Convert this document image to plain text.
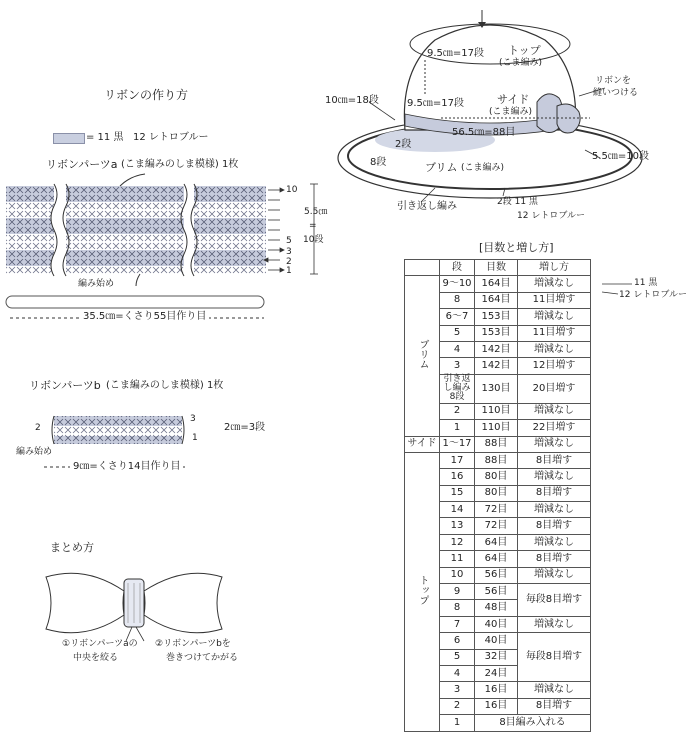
リボンの作り方
= 11 黒 12 レトロブルー
リボンパーツa (こま編みのしま模様) 1枚
10
5
3
2
1
5.5㎝
=
10段
編み始め
35.5㎝=くさり55目作り目
リボンパーツb (こま編みのしま模様) 1枚
3
1
2	2㎝=3段
編み始め
9㎝=くさり14目作り目
まとめ方
①リボンパーツaの
中央を絞る
②リボンパーツbを
巻きつけてかがる
9.5㎝=17段 トップ
(こま編み)
リボンを
縫いつける
10㎝=18段	9.5㎝=17段	サイド
(こま編み)
56.5㎝=88目
2段
5.5㎝=10段
8段	ブリム (こま編み)
引き返し編み	2段 11 黒
12 レトロブルー
[目数と増し方]
11 黒
12 レトロブルー
	段	目数	増し方
ブリム	9〜10	164目	増減なし
	8	164目	11目増す
	6〜7	153目	増減なし
	5	153目	11目増す
	4	142目	増減なし
	3	142目	12目増す
	引き返し編み 8段	130目	20目増す
	2	110目	増減なし
	1	110目	22目増す
サイド	1〜17	88目	増減なし
トップ	17	88目	8目増す
	16	80目	増減なし
	15	80目	8目増す
	14	72目	増減なし
	13	72目	8目増す
	12	64目	増減なし
	11	64目	8目増す
	10	56目	増減なし
	9	56目	毎段8目増す
	8	48目	
	7	40目	増減なし
	6	40目	毎段8目増す
	5	32目	
	4	24目	
	3	16目	増減なし
	2	16目	8目増す
	1	8目編み入れる	
